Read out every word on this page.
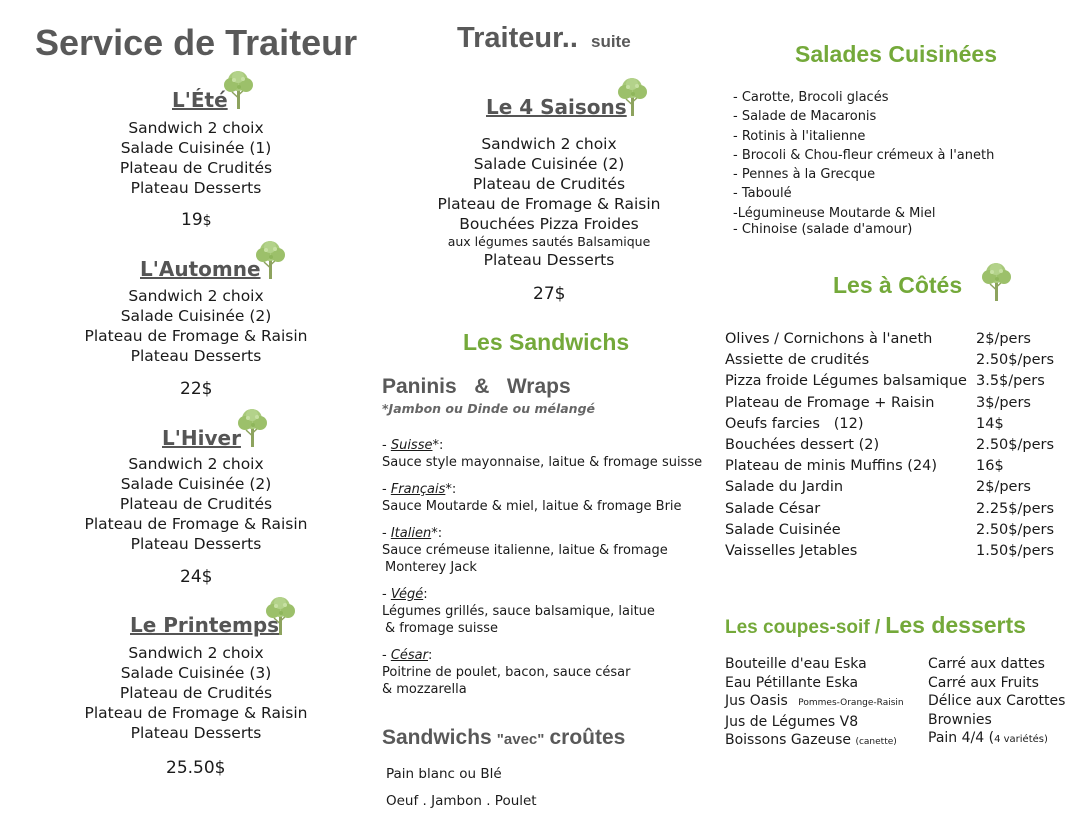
Service de Traiteur
L'Été
Sandwich 2 choix
Salade Cuisinée (1)
Plateau de Crudités
Plateau Desserts
19$
L'Automne
Sandwich 2 choix
Salade Cuisinée (2)
Plateau de Fromage & Raisin
Plateau Desserts
22$
L'Hiver
Sandwich 2 choix
Salade Cuisinée (2)
Plateau de Crudités
Plateau de Fromage & Raisin
Plateau Desserts
24$
Le Printemps
Sandwich 2 choix
Salade Cuisinée (3)
Plateau de Crudités
Plateau de Fromage & Raisin
Plateau Desserts
25.50$
Traiteur.. suite
Le 4 Saisons
Sandwich 2 choix
Salade Cuisinée (2)
Plateau de Crudités
Plateau de Fromage & Raisin
Bouchées Pizza Froides
aux légumes sautés Balsamique
Plateau Desserts
27$
Les Sandwichs
Paninis   &   Wraps
*Jambon ou Dinde ou mélangé
- Suisse*:
Sauce style mayonnaise, laitue & fromage suisse
- Français*:
Sauce Moutarde & miel, laitue & fromage Brie
- Italien*:
Sauce crémeuse italienne, laitue & fromage
Monterey Jack
- Végé:
Légumes grillés, sauce balsamique, laitue
& fromage suisse
- César:
Poitrine de poulet, bacon, sauce césar
& mozzarella
Sandwichs "avec" croûtes
Pain blanc ou Blé
Oeuf . Jambon . Poulet
Salades Cuisinées
- Carotte, Brocoli glacés
- Salade de Macaronis
- Rotinis à l'italienne
- Brocoli & Chou-fleur crémeux à l'aneth
- Pennes à la Grecque
- Taboulé
-Légumineuse Moutarde & Miel
- Chinoise (salade d'amour)
Les à Côtés
Olives / Cornichons à l'aneth
Assiette de crudités
Pizza froide Légumes balsamique
Plateau de Fromage + Raisin
Oeufs farcies   (12)
Bouchées dessert (2)
Plateau de minis Muffins (24)
Salade du Jardin
Salade César
Salade Cuisinée
Vaisselles Jetables
2$/pers
2.50$/pers
3.5$/pers
3$/pers
14$
2.50$/pers
16$
2$/pers
2.25$/pers
2.50$/pers
1.50$/pers
Les coupes-soif / Les desserts
Bouteille d'eau Eska
Eau Pétillante Eska
Jus Oasis Pommes-Orange-Raisin
Jus de Légumes V8
Boissons Gazeuse (canette)
Carré aux dattes
Carré aux Fruits
Délice aux Carottes
Brownies
Pain 4/4 (4 variétés)
